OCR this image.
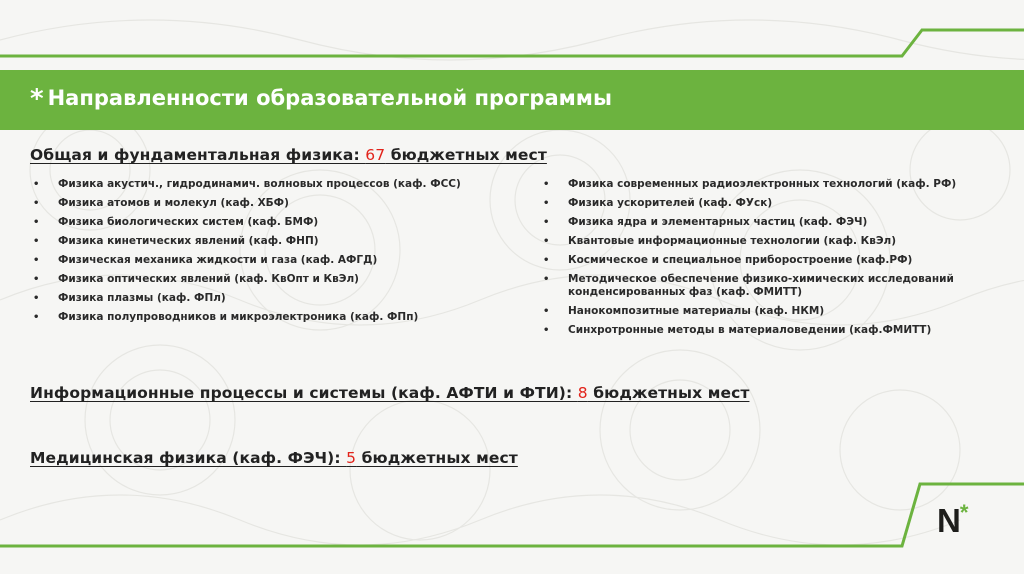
* Направленности образовательной программы

Общая и фундаментальная физика: 67 бюджетных мест

• Физика акустич., гидродинамич. волновых процессов (каф. ФСС)
• Физика атомов и молекул (каф. ХБФ)
• Физика биологических систем (каф. БМФ)
• Физика кинетических явлений (каф. ФНП)
• Физическая механика жидкости и газа (каф. АФГД)
• Физика оптических явлений (каф. КвОпт и КвЭл)
• Физика плазмы (каф. ФПл)
• Физика полупроводников и микроэлектроника (каф. ФПп)
• Физика современных радиоэлектронных технологий (каф. РФ)
• Физика ускорителей (каф. ФУск)
• Физика ядра и элементарных частиц (каф. ФЭЧ)
• Квантовые информационные технологии (каф. КвЭл)
• Космическое и специальное приборостроение (каф.РФ)
• Методическое обеспечение физико-химических исследований конденсированных фаз (каф. ФМИТТ)
• Нанокомпозитные материалы (каф. НКМ)
• Синхротронные методы в материаловедении (каф.ФМИТТ)

Информационные процессы и системы (каф. АФТИ и ФТИ): 8 бюджетных мест

Медицинская физика (каф. ФЭЧ): 5 бюджетных мест

N*
